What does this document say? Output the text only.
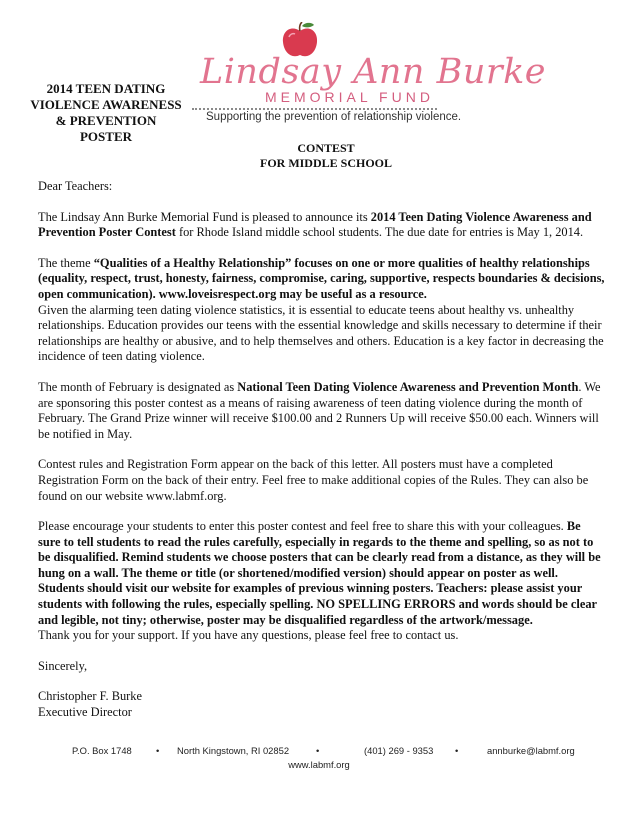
2014 TEEN DATING VIOLENCE AWARENESS & PREVENTION POSTER
Lindsay Ann Burke
MEMORIAL FUND
Supporting the prevention of relationship violence.
CONTEST
FOR MIDDLE SCHOOL

Dear Teachers:

The Lindsay Ann Burke Memorial Fund is pleased to announce its 2014 Teen Dating Violence Awareness and Prevention Poster Contest for Rhode Island middle school students. The due date for entries is May 1, 2014.

The theme “Qualities of a Healthy Relationship” focuses on one or more qualities of healthy relationships (equality, respect, trust, honesty, fairness, compromise, caring, supportive, respects boundaries & decisions, open communication). www.loveisrespect.org may be useful as a resource.

Given the alarming teen dating violence statistics, it is essential to educate teens about healthy vs. unhealthy relationships. Education provides our teens with the essential knowledge and skills necessary to determine if their relationships are healthy or abusive, and to help themselves and others. Education is a key factor in decreasing the incidence of teen dating violence.

The month of February is designated as National Teen Dating Violence Awareness and Prevention Month. We are sponsoring this poster contest as a means of raising awareness of teen dating violence during the month of February. The Grand Prize winner will receive $100.00 and 2 Runners Up will receive $50.00 each. Winners will be notified in May.

Contest rules and Registration Form appear on the back of this letter. All posters must have a completed Registration Form on the back of their entry. Feel free to make additional copies of the Rules. They can also be found on our website www.labmf.org.

Please encourage your students to enter this poster contest and feel free to share this with your colleagues. Be sure to tell students to read the rules carefully, especially in regards to the theme and spelling, so as not to be disqualified. Remind students we choose posters that can be clearly read from a distance, as they will be hung on a wall. The theme or title (or shortened/modified version) should appear on poster as well. Students should visit our website for examples of previous winning posters. Teachers: please assist your students with following the rules, especially spelling. NO SPELLING ERRORS and words should be clear and legible, not tiny; otherwise, poster may be disqualified regardless of the artwork/message.

Thank you for your support. If you have any questions, please feel free to contact us.

Sincerely,

Christopher F. Burke

Executive Director

P.O. Box 1748	• North Kingstown, RI 02852	•	(401) 269 - 9353 •	annburke@labmf.org
www.labmf.org
